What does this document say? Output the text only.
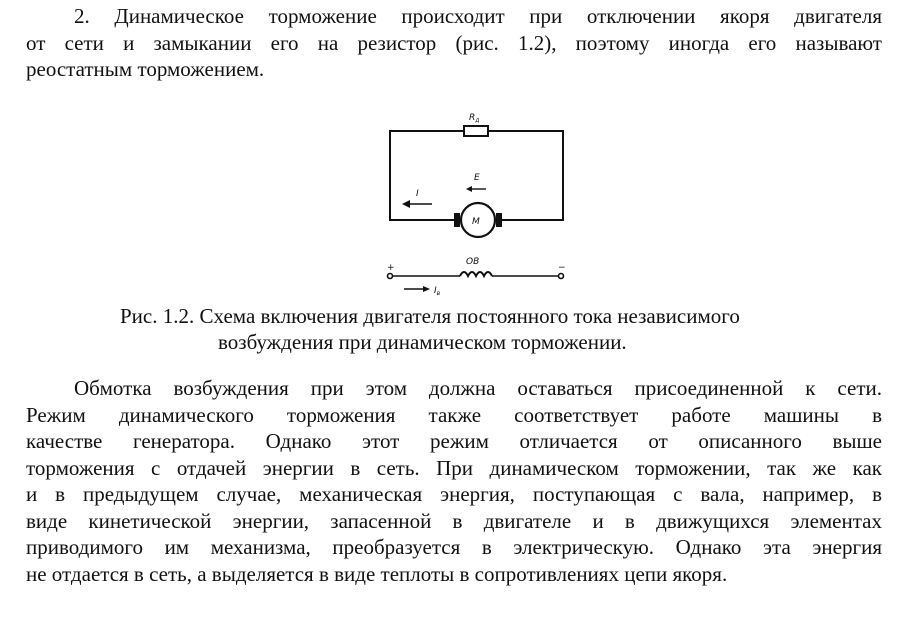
2. Динамическое торможение происходит при отключении якоря двигателя
от сети и замыкании его на резистор (рис. 1.2), поэтому иногда его называют
реостатным торможением.
$R_д$
М
I
E
ОВ
+	−
$I_в$
Рис. 1.2. Схема включения двигателя постоянного тока независимого
возбуждения при динамическом торможении.
Обмотка возбуждения при этом должна оставаться присоединенной к сети.
Режим динамического торможения также соответствует работе машины в
качестве генератора. Однако этот режим отличается от описанного выше
торможения с отдачей энергии в сеть. При динамическом торможении, так же как
и в предыдущем случае, механическая энергия, поступающая с вала, например, в
виде кинетической энергии, запасенной в двигателе и в движущихся элементах
приводимого им механизма, преобразуется в электрическую. Однако эта энергия
не отдается в сеть, а выделяется в виде теплоты в сопротивлениях цепи якоря.
